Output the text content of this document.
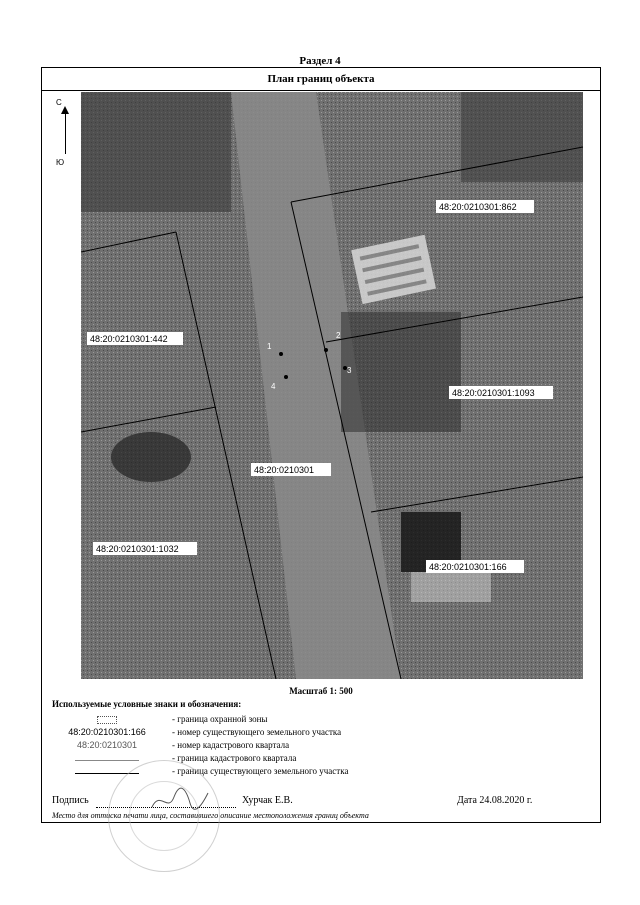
Раздел 4
План границ объекта
1
2
3
4
48:20:0210301:862
48:20:0210301:442
48:20:0210301:1093
48:20:0210301
48:20:0210301:1032
48:20:0210301:166
С
Ю
Масштаб 1: 500
Используемые условные знаки и обозначения:
- граница охранной зоны
48:20:0210301:166	- номер существующего земельного участка
48:20:0210301	- номер кадастрового квартала
- граница кадастрового квартала
- граница существующего земельного участка
Подпись	Хурчак Е.В.	Дата 24.08.2020 г.
Место для оттиска печати лица, составившего описание местоположения границ объекта
